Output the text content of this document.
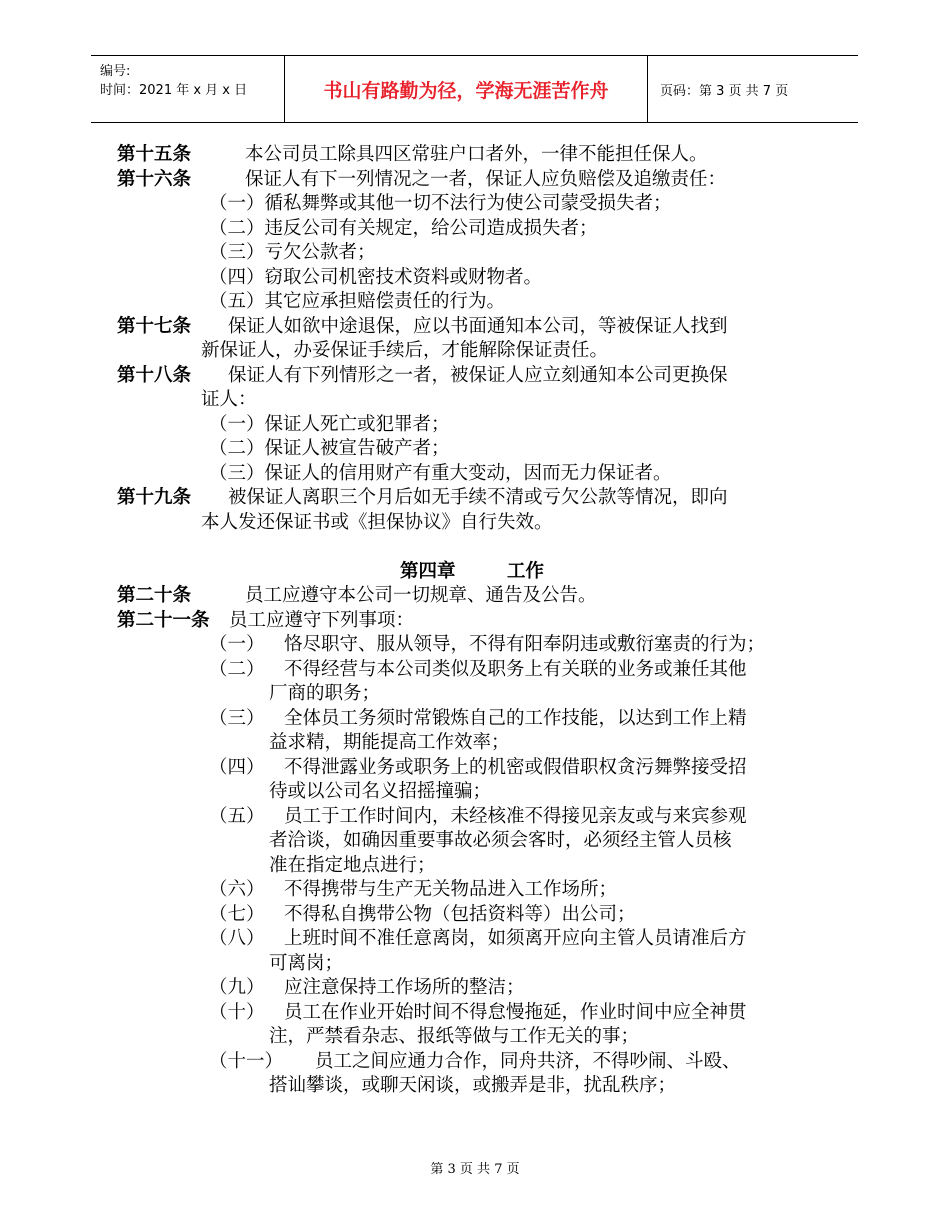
编号:
时间：2021 年 x 月 x 日	书山有路勤为径，学海无涯苦作舟	页码：第 3 页 共 7 页
第十五条	本公司员工除具四区常驻户口者外，一律不能担任保人。
第十六条	保证人有下一列情况之一者，保证人应负赔偿及追缴责任：
（一）循私舞弊或其他一切不法行为使公司蒙受损失者；
（二）违反公司有关规定，给公司造成损失者；
（三）亏欠公款者；
（四）窃取公司机密技术资料或财物者。
（五）其它应承担赔偿责任的行为。
第十七条 保证人如欲中途退保，应以书面通知本公司，等被保证人找到
新保证人，办妥保证手续后，才能解除保证责任。
第十八条 保证人有下列情形之一者，被保证人应立刻通知本公司更换保
证人：
（一）保证人死亡或犯罪者；
（二）保证人被宣告破产者；
（三）保证人的信用财产有重大变动，因而无力保证者。
第十九条 被保证人离职三个月后如无手续不清或亏欠公款等情况，即向
本人发还保证书或《担保协议》自行失效。
第四章	工作
第二十条	员工应遵守本公司一切规章、通告及公告。
第二十一条 员工应遵守下列事项：
（一） 恪尽职守、服从领导，不得有阳奉阴违或敷衍塞责的行为；
（二） 不得经营与本公司类似及职务上有关联的业务或兼任其他
厂商的职务；
（三） 全体员工务须时常锻炼自己的工作技能，以达到工作上精
益求精，期能提高工作效率；
（四） 不得泄露业务或职务上的机密或假借职权贪污舞弊接受招
待或以公司名义招摇撞骗；
（五） 员工于工作时间内，未经核准不得接见亲友或与来宾参观
者洽谈，如确因重要事故必须会客时，必须经主管人员核
准在指定地点进行；
（六） 不得携带与生产无关物品进入工作场所；
（七） 不得私自携带公物（包括资料等）出公司；
（八） 上班时间不准任意离岗，如须离开应向主管人员请准后方
可离岗；
（九） 应注意保持工作场所的整洁；
（十） 员工在作业开始时间不得怠慢拖延，作业时间中应全神贯
注，严禁看杂志、报纸等做与工作无关的事；
（十一） 员工之间应通力合作，同舟共济，不得吵闹、斗殴、
搭讪攀谈，或聊天闲谈，或搬弄是非，扰乱秩序；
第 3 页 共 7 页
